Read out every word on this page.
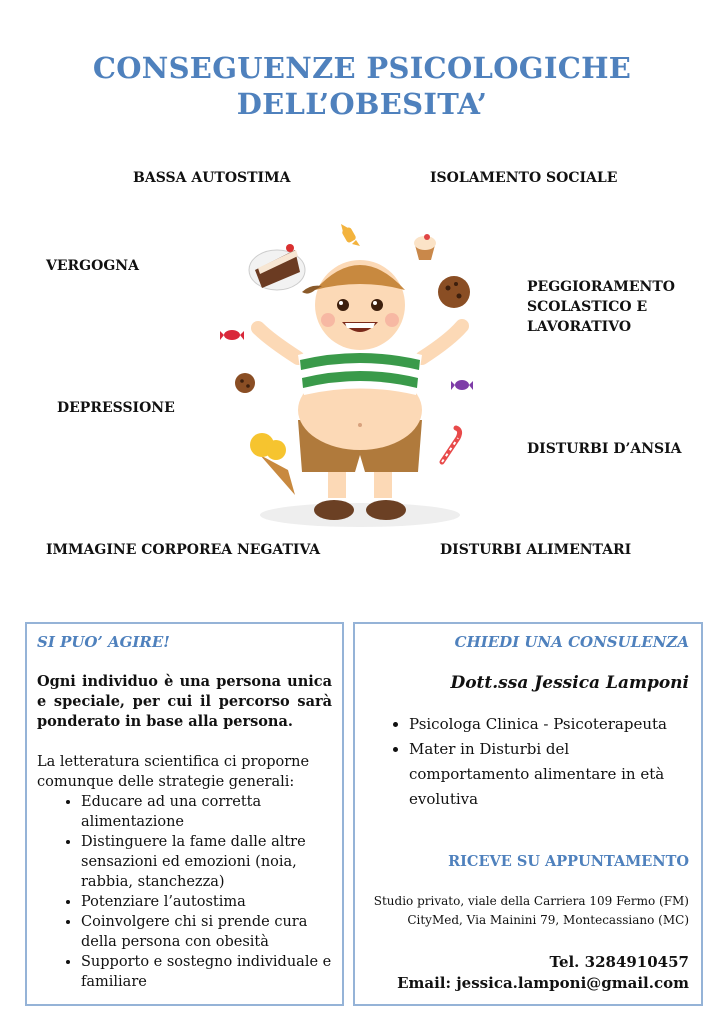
CONSEGUENZE PSICOLOGICHE
DELL’OBESITA’
BASSA AUTOSTIMA	ISOLAMENTO SOCIALE
VERGOGNA
PEGGIORAMENTO
SCOLASTICO E
LAVORATIVO
DEPRESSIONE
DISTURBI D’ANSIA
IMMAGINE CORPOREA NEGATIVA	DISTURBI ALIMENTARI
SI PUO’ AGIRE!
Ogni individuo è una persona unica e speciale, per cui il percorso sarà ponderato in base alla persona.
La letteratura scientifica ci proporne comunque delle strategie generali:
• Educare ad una corretta alimentazione
• Distinguere la fame dalle altre sensazioni ed emozioni (noia, rabbia, stanchezza)
• Potenziare l’autostima
• Coinvolgere chi si prende cura della persona con obesità
• Supporto e sostegno individuale e familiare
CHIEDI UNA CONSULENZA
Dott.ssa Jessica Lamponi
• Psicologa Clinica - Psicoterapeuta
• Mater in Disturbi del comportamento alimentare in età evolutiva
RICEVE SU APPUNTAMENTO
Studio privato, viale della Carriera 109 Fermo (FM)
CityMed, Via Mainini 79, Montecassiano (MC)
Tel. 3284910457
Email: jessica.lamponi@gmail.com
